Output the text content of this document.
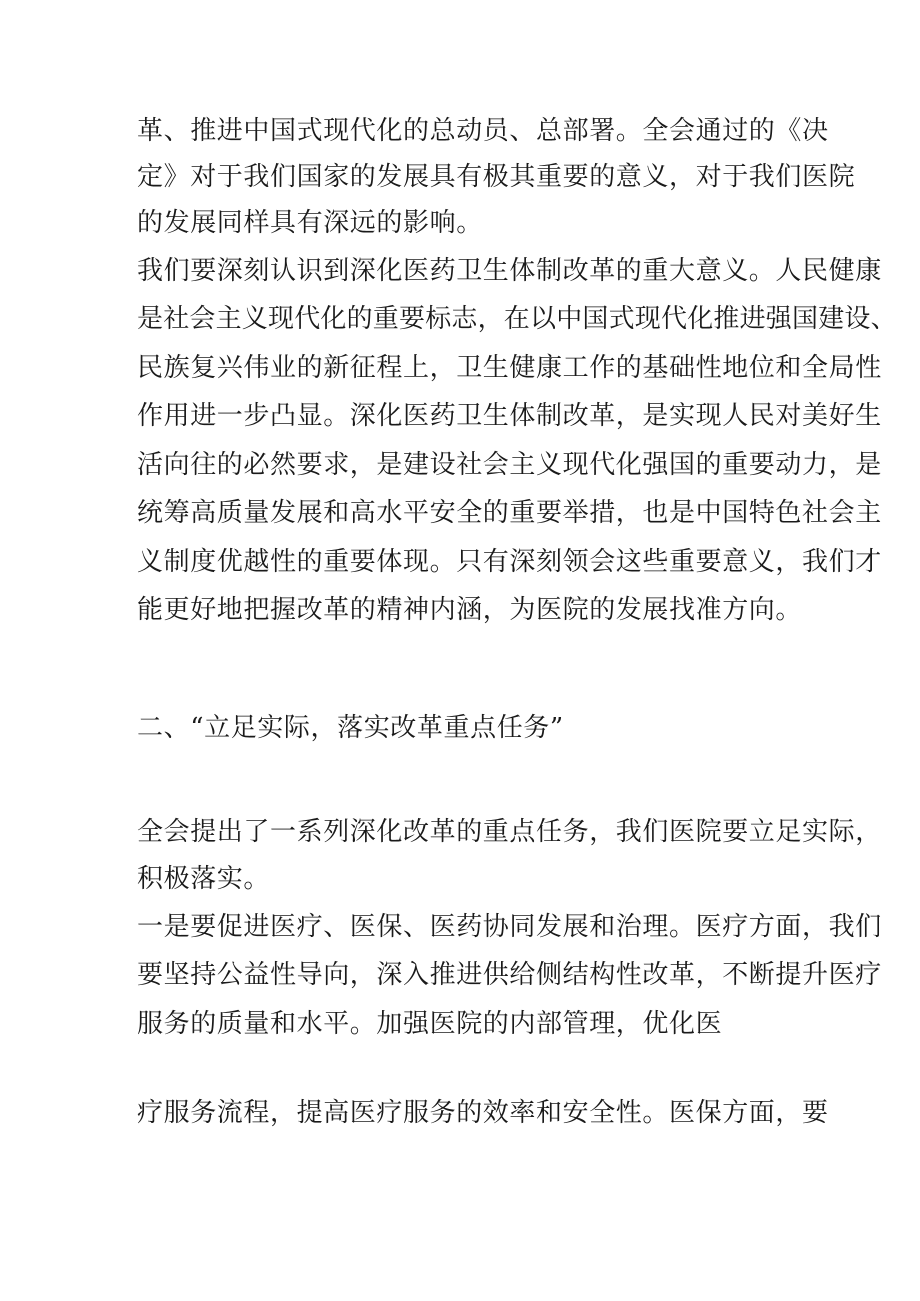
革、推进中国式现代化的总动员、总部署。全会通过的《决
定》对于我们国家的发展具有极其重要的意义，对于我们医院
的发展同样具有深远的影响。
我们要深刻认识到深化医药卫生体制改革的重大意义。人民健康
是社会主义现代化的重要标志，在以中国式现代化推进强国建设、
民族复兴伟业的新征程上，卫生健康工作的基础性地位和全局性
作用进一步凸显。深化医药卫生体制改革，是实现人民对美好生
活向往的必然要求，是建设社会主义现代化强国的重要动力，是
统筹高质量发展和高水平安全的重要举措，也是中国特色社会主
义制度优越性的重要体现。只有深刻领会这些重要意义，我们才
能更好地把握改革的精神内涵，为医院的发展找准方向。
二、“立足实际，落实改革重点任务”
全会提出了一系列深化改革的重点任务，我们医院要立足实际，
积极落实。
一是要促进医疗、医保、医药协同发展和治理。医疗方面，我们
要坚持公益性导向，深入推进供给侧结构性改革，不断提升医疗
服务的质量和水平。加强医院的内部管理，优化医
疗服务流程，提高医疗服务的效率和安全性。医保方面，要
